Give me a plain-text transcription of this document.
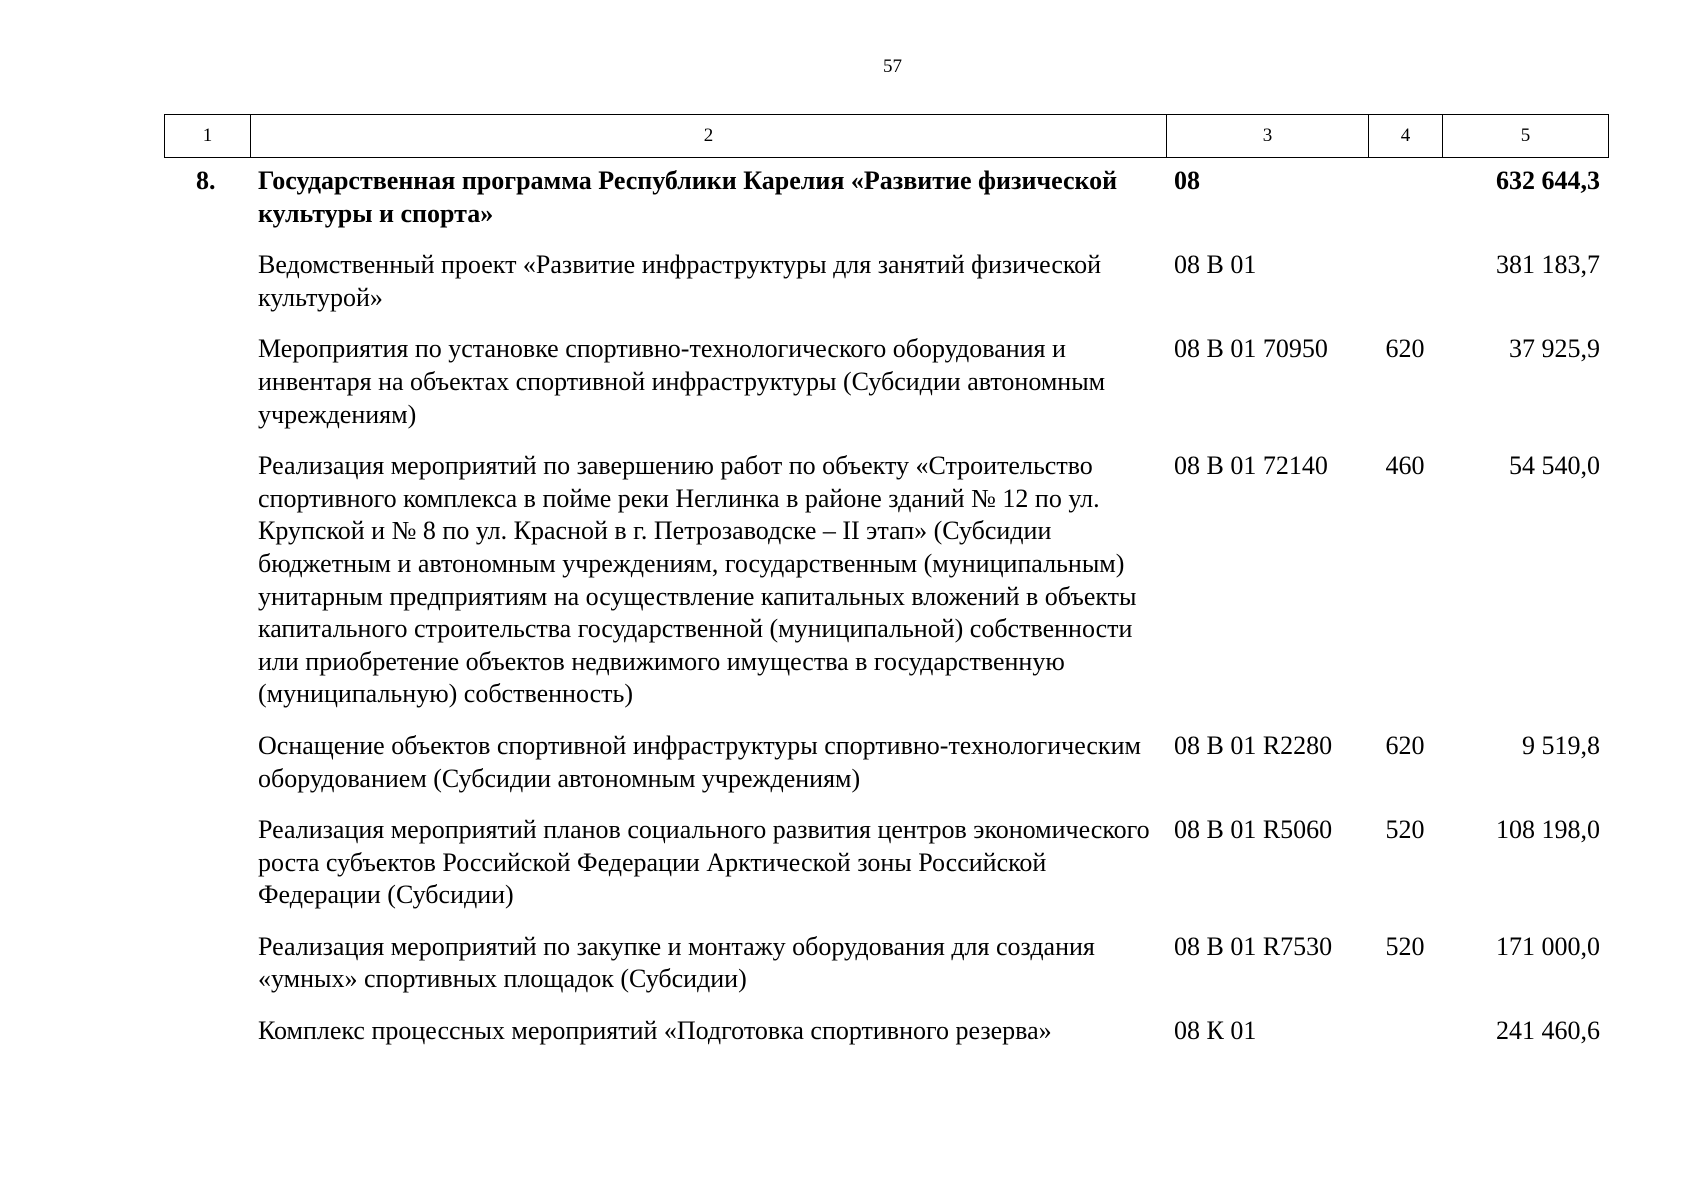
57
1	2	3	4	5
8.	Государственная программа Республики Карелия «Развитие физической культуры и спорта»	08		632 644,3
	Ведомственный проект «Развитие инфраструктуры для занятий физической культурой»	08 В 01		381 183,7
	Мероприятия по установке спортивно-технологического оборудования и инвентаря на объектах спортивной инфраструктуры (Субсидии автономным учреждениям)	08 В 01 70950	620	37 925,9
	Реализация мероприятий по завершению работ по объекту «Строительство спортивного комплекса в пойме реки Неглинка в районе зданий № 12 по ул. Крупской и № 8 по ул. Красной в г. Петрозаводске – II этап» (Субсидии бюджетным и автономным учреждениям, государственным (муниципальным) унитарным предприятиям на осуществление капитальных вложений в объекты капитального строительства государственной (муниципальной) собственности или приобретение объектов недвижимого имущества в государственную (муниципальную) собственность)	08 В 01 72140	460	54 540,0
	Оснащение объектов спортивной инфраструктуры спортивно-технологическим оборудованием (Субсидии автономным учреждениям)	08 В 01 R2280	620	9 519,8
	Реализация мероприятий планов социального развития центров экономического роста субъектов Российской Федерации Арктической зоны Российской Федерации (Субсидии)	08 В 01 R5060	520	108 198,0
	Реализация мероприятий по закупке и монтажу оборудования для создания «умных» спортивных площадок (Субсидии)	08 В 01 R7530	520	171 000,0
	Комплекс процессных мероприятий «Подготовка спортивного резерва»	08 К 01		241 460,6
